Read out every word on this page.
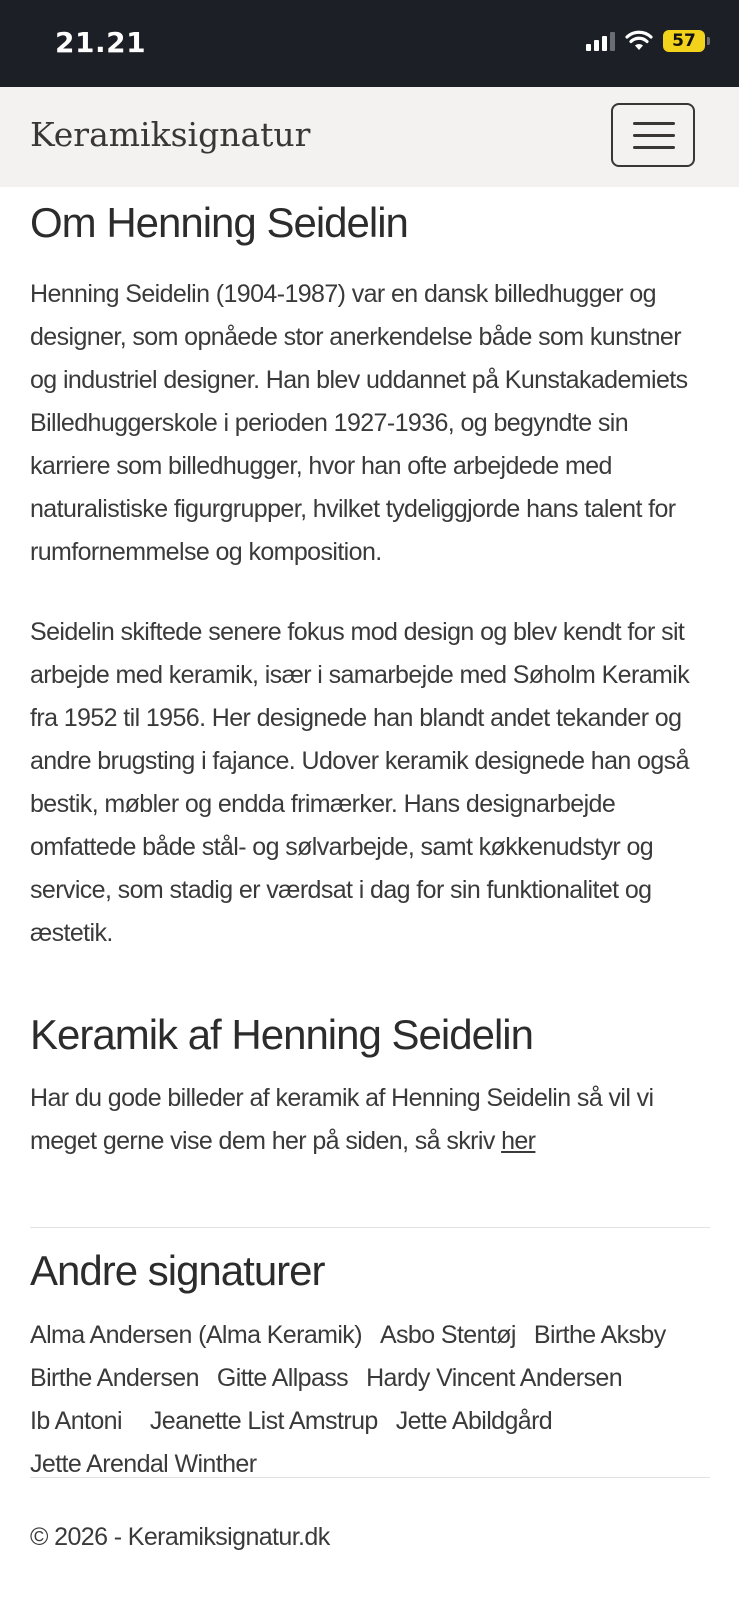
21.21	57
Keramiksignatur
Om Henning Seidelin

Henning Seidelin (1904-1987) var en dansk billedhugger og designer, som opnåede stor anerkendelse både som kunstner og industriel designer. Han blev uddannet på Kunstakademiets Billedhuggerskole i perioden 1927-1936, og begyndte sin karriere som billedhugger, hvor han ofte arbejdede med naturalistiske figurgrupper, hvilket tydeliggjorde hans talent for rumfornemmelse og komposition.

Seidelin skiftede senere fokus mod design og blev kendt for sit arbejde med keramik, især i samarbejde med Søholm Keramik fra 1952 til 1956. Her designede han blandt andet tekander og andre brugsting i fajance. Udover keramik designede han også bestik, møbler og endda frimærker. Hans designarbejde omfattede både stål- og sølvarbejde, samt køkkenudstyr og service, som stadig er værdsat i dag for sin funktionalitet og æstetik.

Keramik af Henning Seidelin

Har du gode billeder af keramik af Henning Seidelin så vil vi meget gerne vise dem her på siden, så skriv her

Andre signaturer
Alma Andersen (Alma Keramik) Asbo Stentøj Birthe Aksby
Birthe Andersen Gitte Allpass Hardy Vincent Andersen
Ib Antoni Jeanette List Amstrup Jette Abildgård
Jette Arendal Winther
© 2026 - Keramiksignatur.dk
